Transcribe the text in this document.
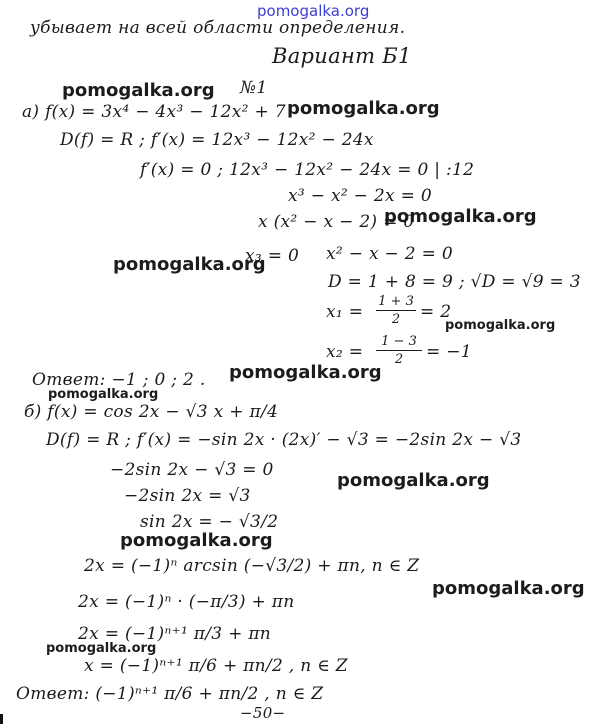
pomogalka.org
pomogalka.org
pomogalka.org
pomogalka.org
pomogalka.org
pomogalka.org
pomogalka.org
pomogalka.org
pomogalka.org
pomogalka.org
pomogalka.org
pomogalka.org
убывает на всей области определения.
Вариант Б1
№1
а) f(x) = 3x⁴ − 4x³ − 12x² + 7
D(f) = R ; f′(x) = 12x³ − 12x² − 24x
f′(x) = 0 ; 12x³ − 12x² − 24x = 0 | :12
x³ − x² − 2x = 0
x (x² − x − 2) = 0
x₃ = 0 x² − x − 2 = 0
D = 1 + 8 = 9 ; √D = √9 = 3
x₁ =
1 + 3
2	= 2
x₂ =
1 − 3
2	= −1
Ответ: −1 ; 0 ; 2 .
б) f(x) = cos 2x − √3 x + π/4
D(f) = R ; f′(x) = −sin 2x · (2x)′ − √3 = −2sin 2x − √3
−2sin 2x − √3 = 0
−2sin 2x = √3
sin 2x = − √3/2
2x = (−1)ⁿ arcsin (−√3/2) + πn, n ∈ Z
2x = (−1)ⁿ · (−π/3) + πn
2x = (−1)ⁿ⁺¹ π/3 + πn
x = (−1)ⁿ⁺¹ π/6 + πn/2 , n ∈ Z
Ответ: (−1)ⁿ⁺¹ π/6 + πn/2 , n ∈ Z
−50−
